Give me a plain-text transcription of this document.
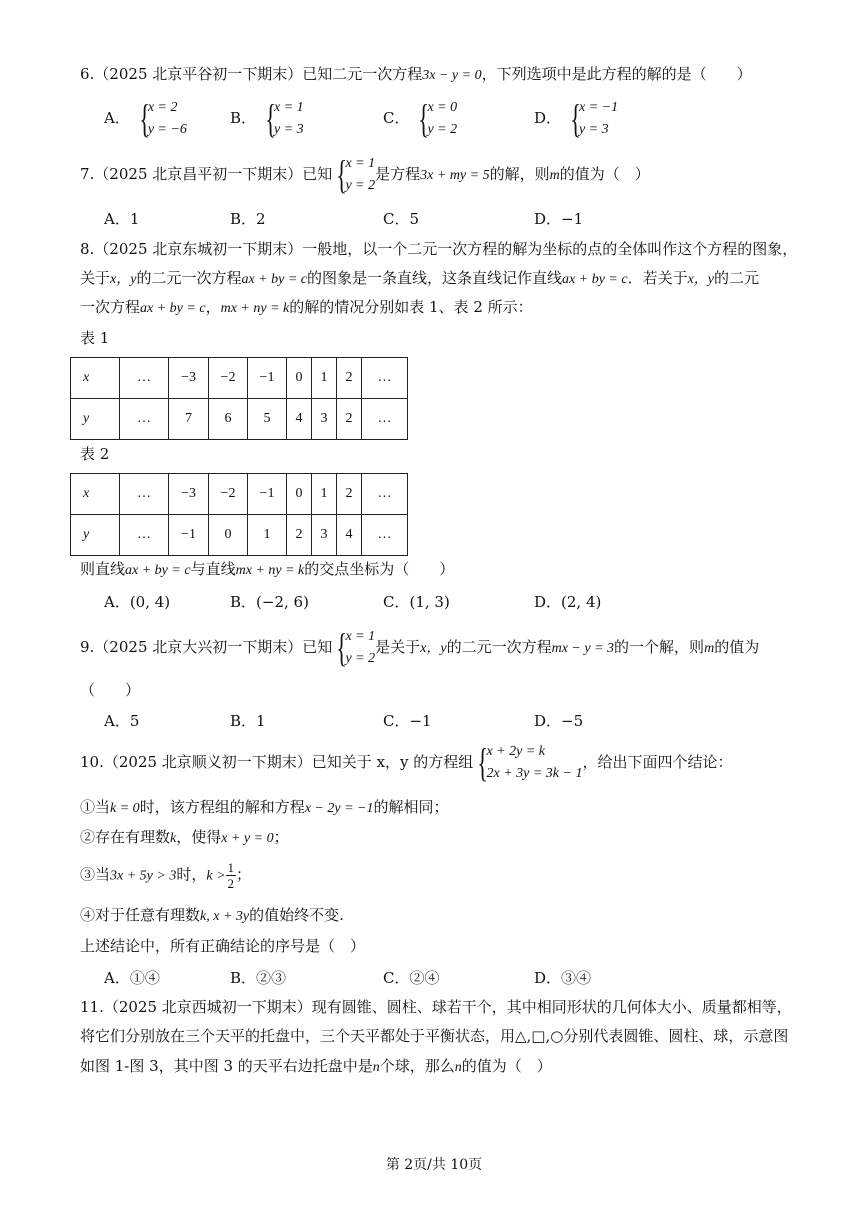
6.（2025 北京平谷初一下期末）已知二元一次方程3x − y = 0，下列选项中是此方程的解的是（　　）
A． {
x = 2
y = −6
B． {
x = 1
y = 3
C． {
x = 0
y = 2
D． {
x = −1
y = 3
7.（2025 北京昌平初一下期末）已知 {
x = 1
y = 2
是方程3x + my = 5的解，则m的值为（　）
A．1	B．2	C．5	D．−1
8.（2025 北京东城初一下期末）一般地，以一个二元一次方程的解为坐标的点的全体叫作这个方程的图象，
关于x，y的二元一次方程ax + by = c的图象是一条直线，这条直线记作直线ax + by = c．若关于x，y的二元
一次方程ax + by = c，mx + ny = k的解的情况分别如表 1、表 2 所示：
表 1
x	…	−3	−2	−1	0	1	2	…
y	…	7	6	5	4	3	2	…
表 2
x	…	−3	−2	−1	0	1	2	…
y	…	−1	0	1	2	3	4	…
则直线ax + by = c与直线mx + ny = k的交点坐标为（　　）
A．(0, 4)	B．(−2, 6)	C．(1, 3)	D．(2, 4)
9.（2025 北京大兴初一下期末）已知 {
x = 1
y = 2
是关于x，y的二元一次方程mx − y = 3的一个解，则m的值为
（　　）
A．5	B．1	C．−1	D．−5
10.（2025 北京顺义初一下期末）已知关于 x，y 的方程组 {
x + 2y = k
2x + 3y = 3k − 1
，给出下面四个结论：
①当k = 0时，该方程组的解和方程x − 2y = −1的解相同；
②存在有理数k，使得x + y = 0；
③当3x + 5y > 3时，$k > \frac{1}{2}$ ；
④对于任意有理数k, x + 3y的值始终不变.
上述结论中，所有正确结论的序号是（　）
A．①④	B．②③	C．②④	D．③④
11.（2025 北京西城初一下期末）现有圆锥、圆柱、球若干个，其中相同形状的几何体大小、质量都相等，
将它们分别放在三个天平的托盘中，三个天平都处于平衡状态，用△,□,○分别代表圆锥、圆柱、球，示意图
如图 1-图 3，其中图 3 的天平右边托盘中是n个球，那么n的值为（　）
第 2页/共 10页
